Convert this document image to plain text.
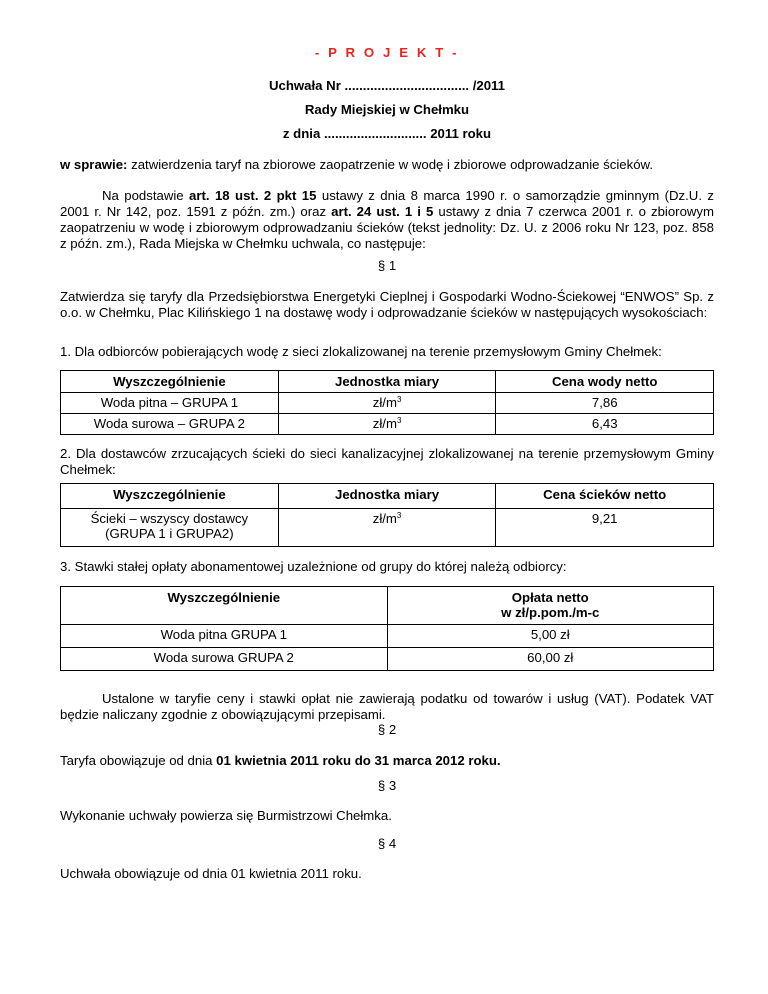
- P R O J E K T -

Uchwała Nr .................................. /2011

Rady Miejskiej w Chełmku

z dnia ............................ 2011 roku

w sprawie: zatwierdzenia taryf na zbiorowe zaopatrzenie w wodę i zbiorowe odprowadzanie ścieków.

Na podstawie art. 18 ust. 2 pkt 15 ustawy z dnia 8 marca 1990 r. o samorządzie gminnym (Dz.U. z 2001 r. Nr 142, poz. 1591 z późn. zm.) oraz art. 24 ust. 1 i 5 ustawy z dnia 7 czerwca 2001 r. o zbiorowym zaopatrzeniu w wodę i zbiorowym odprowadzaniu ścieków (tekst jednolity: Dz. U. z 2006 roku Nr 123, poz. 858 z późn. zm.), Rada Miejska w Chełmku uchwala, co następuje:

§ 1

Zatwierdza się taryfy dla Przedsiębiorstwa Energetyki Cieplnej i Gospodarki Wodno-Ściekowej “ENWOS” Sp. z o.o. w Chełmku, Plac Kilińskiego 1 na dostawę wody i odprowadzanie ścieków w następujących wysokościach:

1. Dla odbiorców pobierających wodę z sieci zlokalizowanej na terenie przemysłowym Gminy Chełmek:

Wyszczególnienie	Jednostka miary	Cena wody netto
Woda pitna – GRUPA 1	$zł/m^3$	7,86
Woda surowa – GRUPA 2	$zł/m^3$	6,43

2. Dla dostawców zrzucających ścieki do sieci kanalizacyjnej zlokalizowanej na terenie przemysłowym Gminy Chełmek:

Wyszczególnienie	Jednostka miary	Cena ścieków netto

Ścieki – wszyscy dostawcy
(GRUPA 1 i GRUPA2)	$zł/m^3$	9,21

3. Stawki stałej opłaty abonamentowej uzależnione od grupy do której należą odbiorcy:

Wyszczególnienie	Opłata netto
w zł/p.pom./m-c

Woda pitna GRUPA 1	5,00 zł
Woda surowa GRUPA 2	60,00 zł

Ustalone w taryfie ceny i stawki opłat nie zawierają podatku od towarów i usług (VAT). Podatek VAT będzie naliczany zgodnie z obowiązującymi przepisami.

§ 2

Taryfa obowiązuje od dnia 01 kwietnia 2011 roku do 31 marca 2012 roku.

§ 3

Wykonanie uchwały powierza się Burmistrzowi Chełmka.

§ 4

Uchwała obowiązuje od dnia 01 kwietnia 2011 roku.
